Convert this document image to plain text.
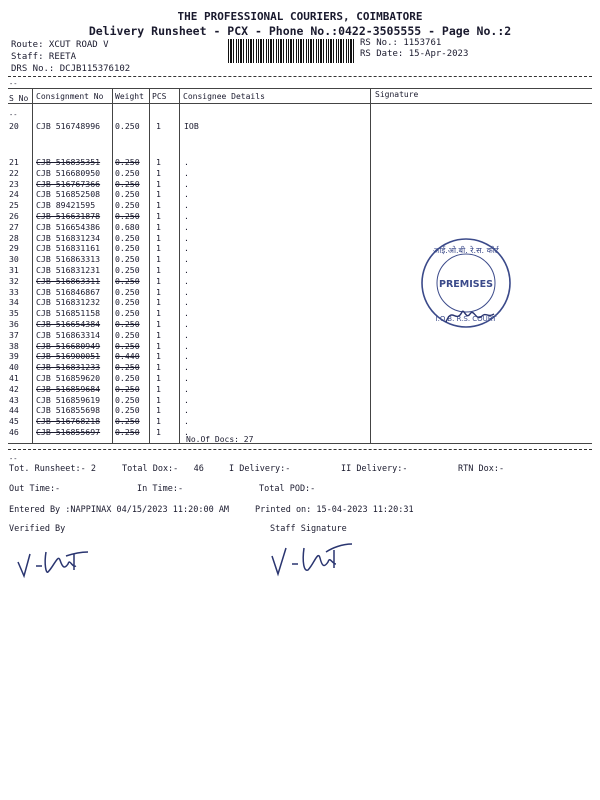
THE PROFESSIONAL COURIERS, COIMBATORE
Delivery Runsheet - PCX - Phone No.:0422-3505555 - Page No.:2
Route: XCUT ROAD V
Staff: REETA
DRS No.: DCJB115376102
RS No.: 1153761
RS Date: 15-Apr-2023
--
S No Consignment No Weight PCS Consignee Details	Signature
--
20 CJB 516748996 0.250 1	IOB
21 CJB 516835351 0.250 1	.
22 CJB 516680950 0.250 1	.
23 CJB 516767366 0.250 1	.
24 CJB 516852508 0.250 1	.
25 CJB 89421595 0.250 1	.
26 CJB 516631878 0.250 1	.
27 CJB 516654386 0.680 1	.
28 CJB 516831234 0.250 1	.
29 CJB 516831161 0.250 1	.
30 CJB 516863313 0.250 1	.
31 CJB 516831231 0.250 1	.
32 CJB 516863311 0.250 1	.
33 CJB 516846867 0.250 1	.
34 CJB 516831232 0.250 1	.
35 CJB 516851158 0.250 1	.
36 CJB 516654384 0.250 1	.
37 CJB 516863314 0.250 1	.
38 CJB 516680949 0.250 1	.
39 CJB 516900051 0.440 1	.
40 CJB 516831233 0.250 1	.
41 CJB 516859620 0.250 1	.
42 CJB 516859684 0.250 1	.
43 CJB 516859619 0.250 1	.
44 CJB 516855698 0.250 1	.
45 CJB 516768218 0.250 1	.
46 CJB 516855697 0.250 1	.
No.Of Docs: 27
आई.ओ.बी. रे.स. कोर्ट
PREMISES
I.O.B. R.S. COURT
--
Tot. Runsheet:- 2	Total Dox:-   46	I Delivery:-	II Delivery:-	RTN Dox:-
Out Time:-	In Time:-	Total POD:-
Entered By :NAPPINAX 04/15/2023 11:20:00 AM	Printed on: 15-04-2023 11:20:31
Verified By	Staff Signature
